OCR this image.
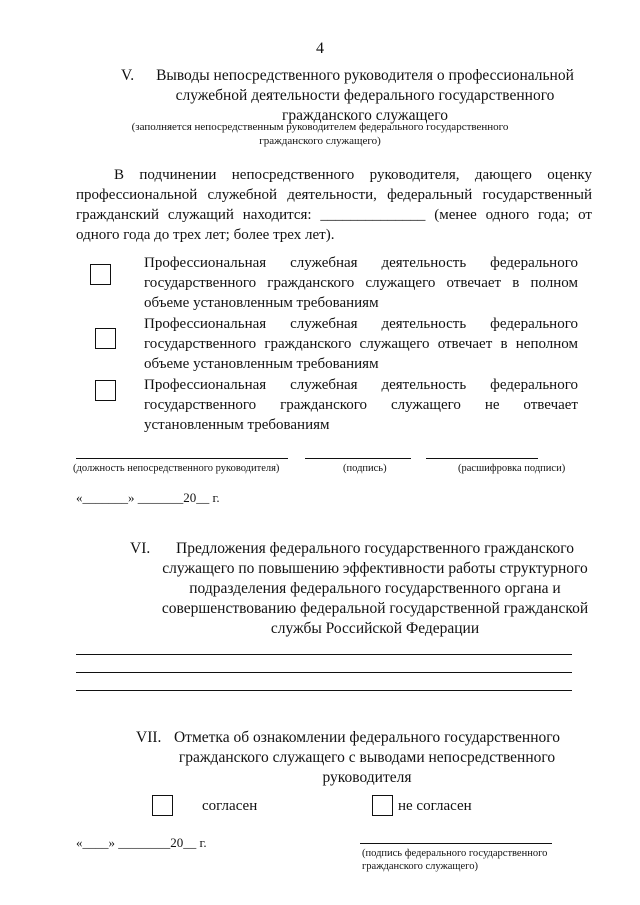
4
V.	Выводы непосредственного руководителя о профессиональной
служебной деятельности федерального государственного
гражданского служащего
(заполняется непосредственным руководителем федерального государственного
гражданского служащего)
В подчинении непосредственного руководителя, дающего оценку
профессиональной служебной деятельности, федеральный государственный
гражданский служащий находится: ______________ (менее одного года; от
одного года до трех лет; более трех лет).
Профессиональная служебная деятельность федерального
государственного гражданского служащего отвечает в полном
объеме установленным требованиям
Профессиональная служебная деятельность федерального
государственного гражданского служащего отвечает в неполном
объеме установленным требованиям
Профессиональная служебная деятельность федерального
государственного гражданского служащего не отвечает
установленным требованиям
(должность непосредственного руководителя)	(подпись)	(расшифровка подписи)
«_______» _______20__ г.
VI.	Предложения федерального государственного гражданского
служащего по повышению эффективности работы структурного
подразделения федерального государственного органа и
совершенствованию федеральной государственной гражданской
службы Российской Федерации
VII. Отметка об ознакомлении федерального государственного
гражданского служащего с выводами непосредственного
руководителя
согласен	не согласен
«____» ________20__ г.
(подпись федерального государственного
гражданского служащего)
